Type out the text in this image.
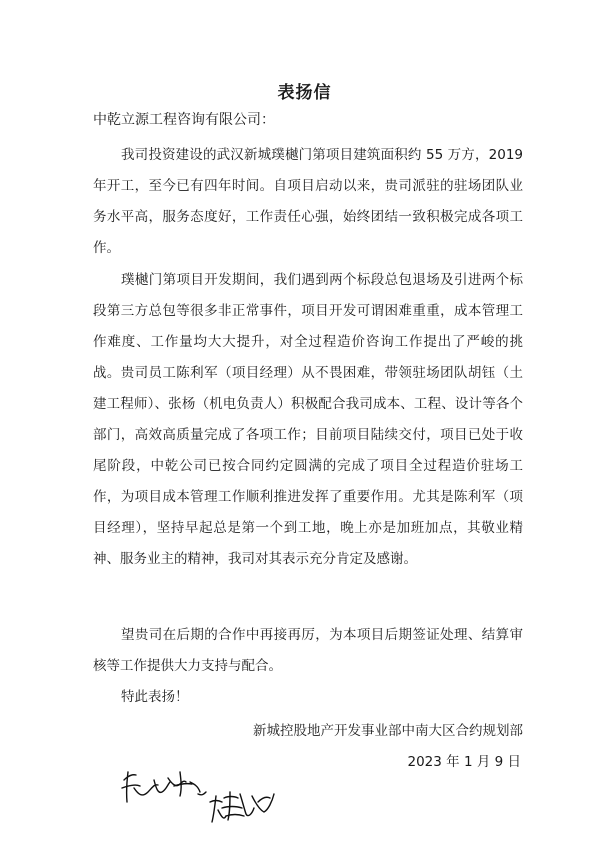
表扬信

中乾立源工程咨询有限公司：

我司投资建设的武汉新城璞樾门第项目建筑面积约 55 万方，2019 年开工，至今已有四年时间。自项目启动以来，贵司派驻的驻场团队业务水平高，服务态度好，工作责任心强，始终团结一致积极完成各项工作。

璞樾门第项目开发期间，我们遇到两个标段总包退场及引进两个标段第三方总包等很多非正常事件，项目开发可谓困难重重，成本管理工作难度、工作量均大大提升，对全过程造价咨询工作提出了严峻的挑战。贵司员工陈利军（项目经理）从不畏困难，带领驻场团队胡钰（土建工程师）、张杨（机电负责人）积极配合我司成本、工程、设计等各个部门，高效高质量完成了各项工作；目前项目陆续交付，项目已处于收尾阶段，中乾公司已按合同约定圆满的完成了项目全过程造价驻场工作，为项目成本管理工作顺利推进发挥了重要作用。尤其是陈利军（项目经理），坚持早起总是第一个到工地，晚上亦是加班加点，其敬业精神、服务业主的精神，我司对其表示充分肯定及感谢。

望贵司在后期的合作中再接再厉，为本项目后期签证处理、结算审核等工作提供大力支持与配合。

特此表扬！

新城控股地产开发事业部中南大区合约规划部

2023 年 1 月 9 日
